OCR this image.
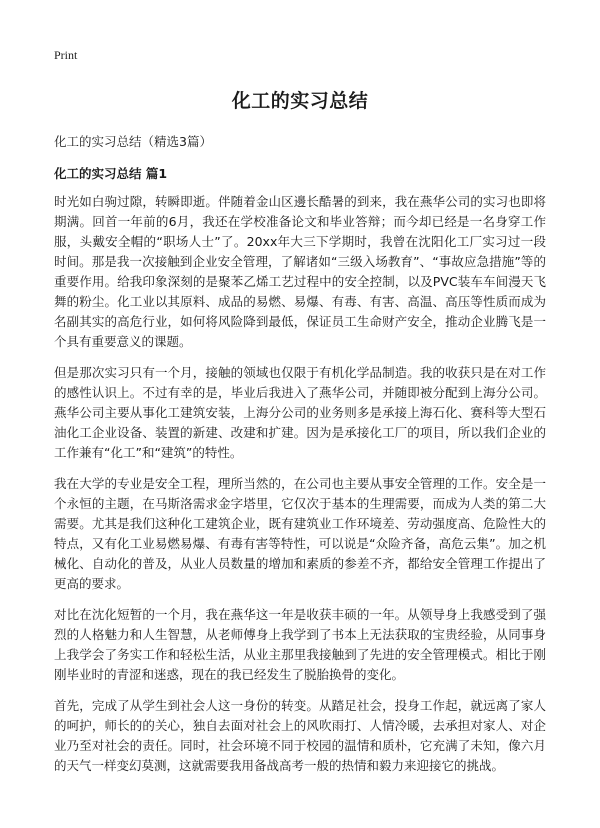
Print
化工的实习总结
化工的实习总结（精选3篇）
化工的实习总结 篇1

时光如白驹过隙，转瞬即逝。伴随着金山区邊长酷暑的到来，我在燕华公司的实习也即将期满。回首一年前的6月，我还在学校准备论文和毕业答辩；而今却已经是一名身穿工作服，头戴安全帽的“职场人士”了。20xx年大三下学期时，我曾在沈阳化工厂实习过一段时间。那是我一次接触到企业安全管理，了解诸如“三级入场教育”、“事故应急措施”等的重要作用。给我印象深刻的是聚苯乙烯工艺过程中的安全控制，以及PVC装车车间漫天飞舞的粉尘。化工业以其原料、成品的易燃、易爆、有毒、有害、高温、高压等性质而成为名副其实的高危行业，如何将风险降到最低，保证员工生命财产安全，推动企业腾飞是一个具有重要意义的课题。

但是那次实习只有一个月，接触的领域也仅限于有机化学品制造。我的收获只是在对工作的感性认识上。不过有幸的是，毕业后我进入了燕华公司，并随即被分配到上海分公司。燕华公司主要从事化工建筑安装，上海分公司的业务则多是承接上海石化、赛科等大型石油化工企业设备、装置的新建、改建和扩建。因为是承接化工厂的项目，所以我们企业的工作兼有“化工”和“建筑”的特性。

我在大学的专业是安全工程，理所当然的，在公司也主要从事安全管理的工作。安全是一个永恒的主题，在马斯洛需求金字塔里，它仅次于基本的生理需要，而成为人类的第二大需要。尤其是我们这种化工建筑企业，既有建筑业工作环境差、劳动强度高、危险性大的特点，又有化工业易燃易爆、有毒有害等特性，可以说是“众险齐备，高危云集”。加之机械化、自动化的普及，从业人员数量的增加和素质的参差不齐，都给安全管理工作提出了更高的要求。

对比在沈化短暂的一个月，我在燕华这一年是收获丰硕的一年。从领导身上我感受到了强烈的人格魅力和人生智慧，从老师傅身上我学到了书本上无法获取的宝贵经验，从同事身上我学会了务实工作和轻松生活，从业主那里我接触到了先进的安全管理模式。相比于刚刚毕业时的青涩和迷惑，现在的我已经发生了脱胎换骨的变化。

首先，完成了从学生到社会人这一身份的转变。从踏足社会，投身工作起，就远离了家人的呵护，师长的的关心，独自去面对社会上的风吹雨打、人情冷暖，去承担对家人、对企业乃至对社会的责任。同时，社会环境不同于校园的温情和质朴，它充满了未知，像六月的天气一样变幻莫测，这就需要我用备战高考一般的热情和毅力来迎接它的挑战。
